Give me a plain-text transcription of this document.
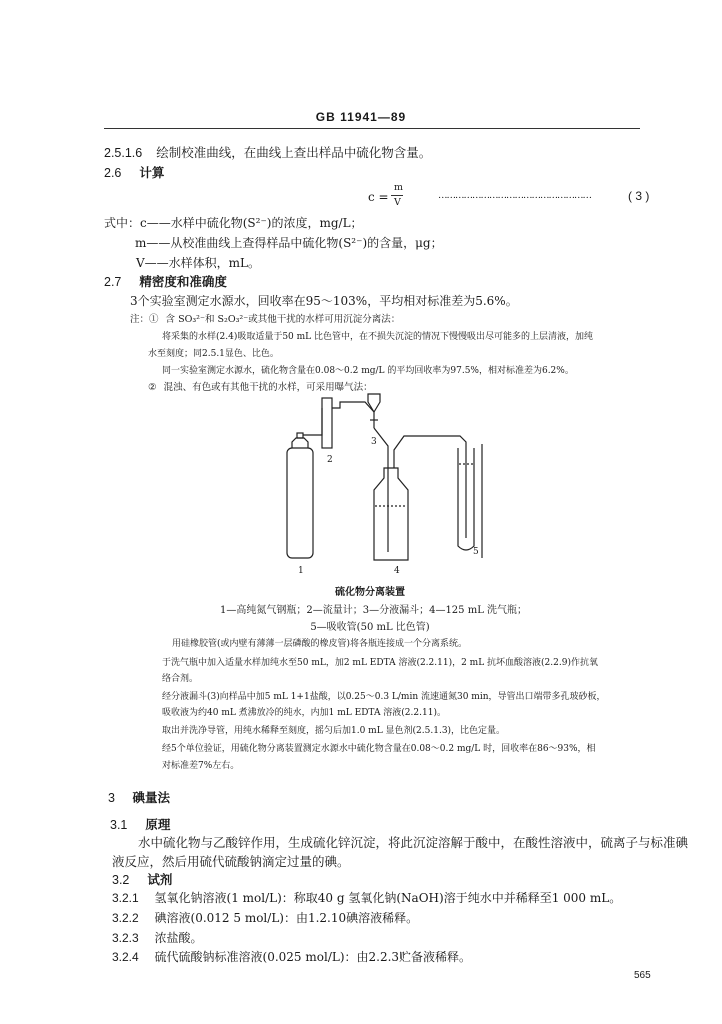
GB 11941—89
2.5.1.6 绘制校准曲线，在曲线上查出样品中硫化物含量。
2.6 计算
c =
m
V
………………………………………………	( 3 )
式中：c——水样中硫化物(S²⁻)的浓度，mg/L；
m——从校准曲线上查得样品中硫化物(S²⁻)的含量，μg；
V——水样体积，mL。
2.7 精密度和准确度
3个实验室测定水源水，回收率在95～103%，平均相对标准差为5.6%。
注：① 含 SO₃²⁻和 S₂O₃²⁻或其他干扰的水样可用沉淀分离法：
将采集的水样(2.4)吸取适量于50 mL 比色管中，在不损失沉淀的情况下慢慢吸出尽可能多的上层清液，加纯
水至刻度；同2.5.1显色、比色。
同一实验室测定水源水，硫化物含量在0.08～0.2 mg/L 的平均回收率为97.5%，相对标准差为6.2%。
② 混浊、有色或有其他干扰的水样，可采用曝气法：
1
2
3
4
5
硫化物分离装置
1—高纯氮气钢瓶；2—流量计；3—分液漏斗；4—125 mL 洗气瓶；
5—吸收管(50 mL 比色管)
用硅橡胶管(或内壁有薄薄一层磷酸的橡皮管)将各瓶连接成一个分离系统。
于洗气瓶中加入适量水样加纯水至50 mL，加2 mL EDTA 溶液(2.2.11)，2 mL 抗坏血酸溶液(2.2.9)作抗氧
络合剂。
经分液漏斗(3)向样品中加5 mL 1+1盐酸，以0.25～0.3 L/min 流速通氮30 min，导管出口端带多孔玻砂板，
吸收液为约40 mL 煮沸放冷的纯水，内加1 mL EDTA 溶液(2.2.11)。
取出并洗净导管，用纯水稀释至刻度，摇匀后加1.0 mL 显色剂(2.5.1.3)，比色定量。
经5个单位验证，用硫化物分离装置测定水源水中硫化物含量在0.08～0.2 mg/L 时，回收率在86～93%，相
对标准差7%左右。
3 碘量法
3.1 原理
水中硫化物与乙酸锌作用，生成硫化锌沉淀，将此沉淀溶解于酸中，在酸性溶液中，硫离子与标准碘
液反应，然后用硫代硫酸钠滴定过量的碘。
3.2 试剂
3.2.1 氢氧化钠溶液(1 mol/L)：称取40 g 氢氧化钠(NaOH)溶于纯水中并稀释至1 000 mL。
3.2.2 碘溶液(0.012 5 mol/L)：由1.2.10碘溶液稀释。
3.2.3 浓盐酸。
3.2.4 硫代硫酸钠标准溶液(0.025 mol/L)：由2.2.3贮备液稀释。
565
